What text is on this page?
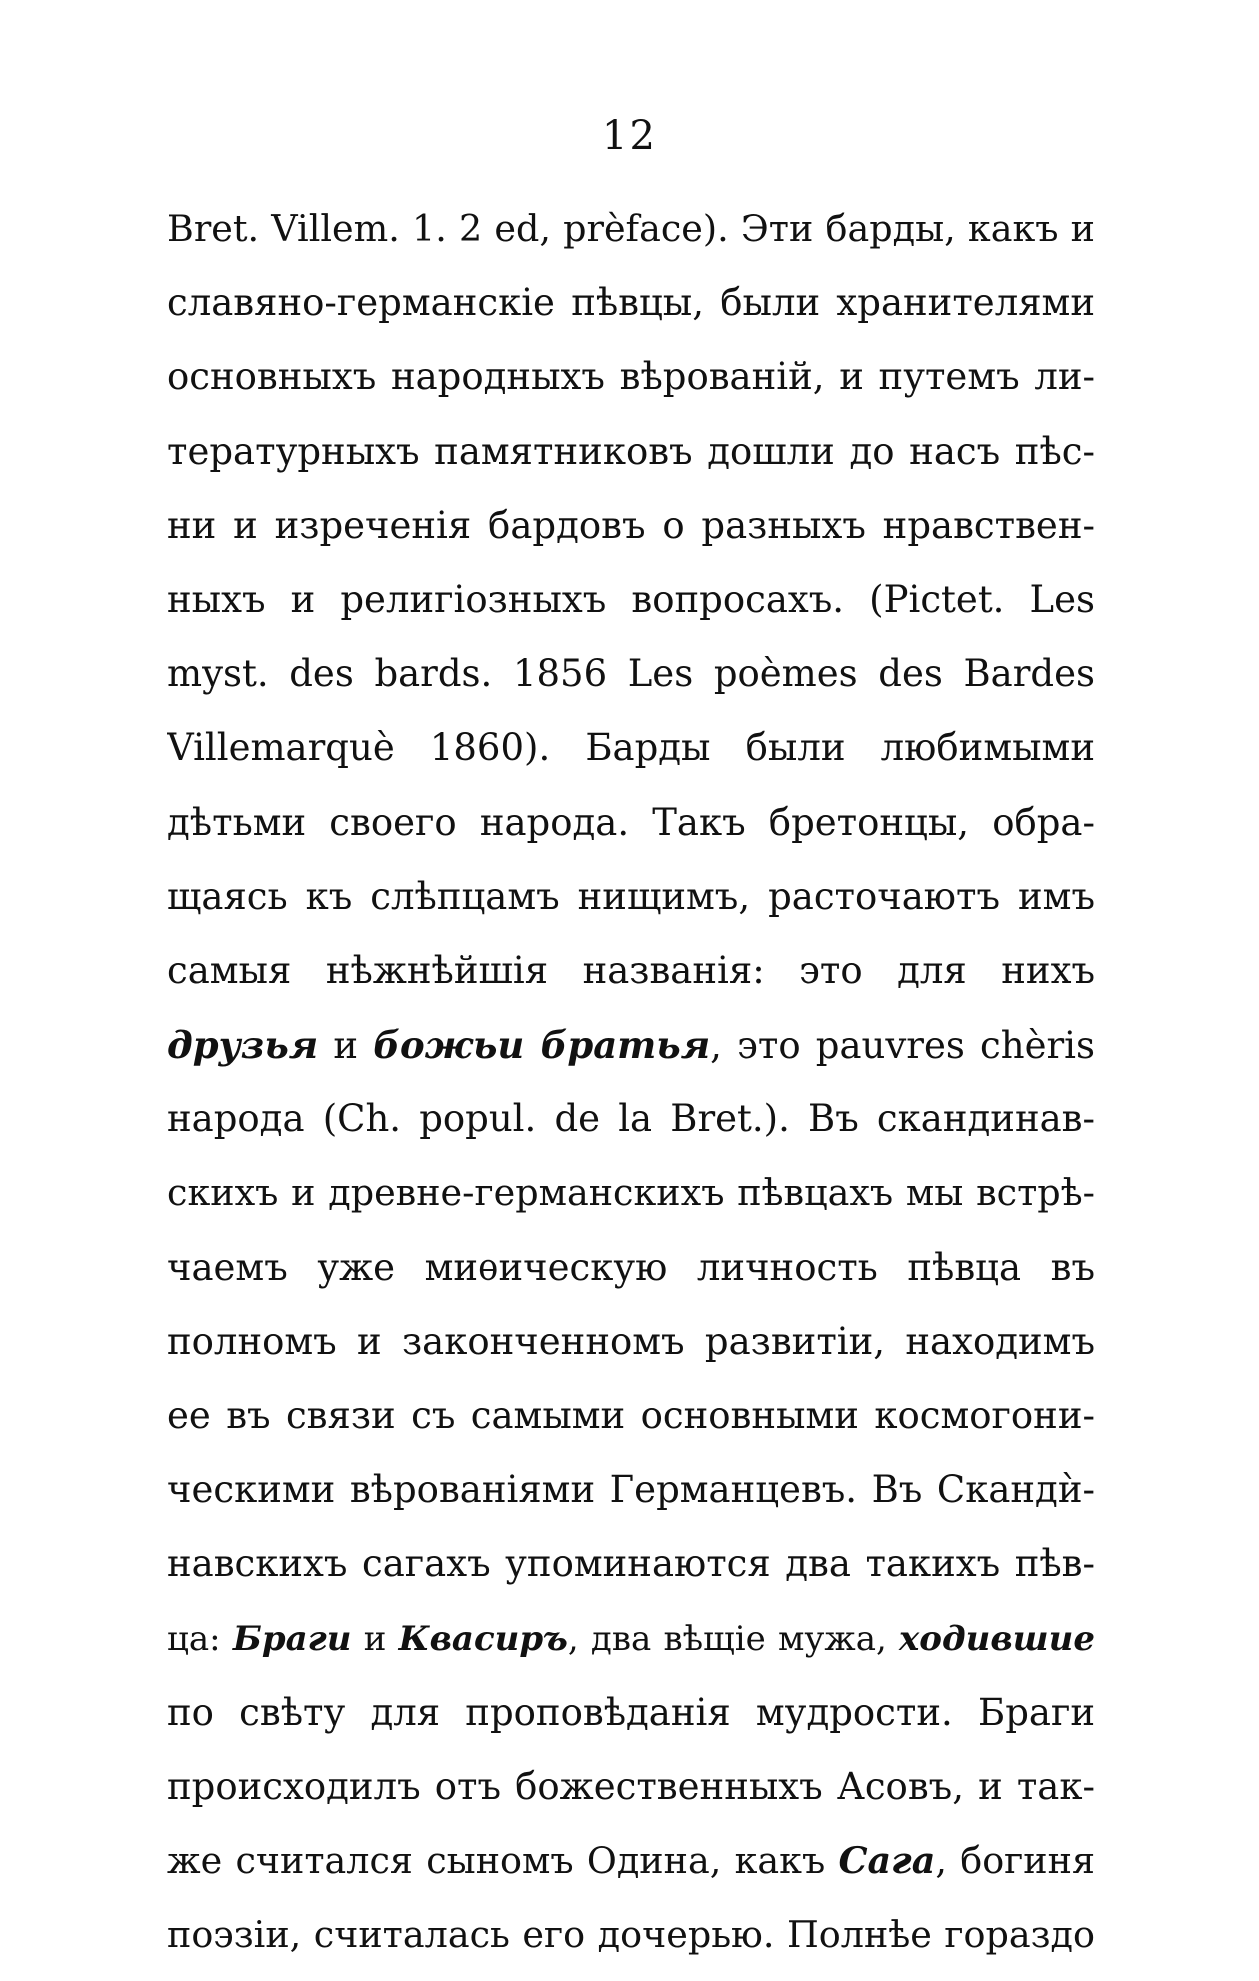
12
Bret. Villem. 1. 2 ed, prèface). Эти барды, какъ и
славяно-германскіе пѣвцы, были хранителями
основныхъ народныхъ вѣрованій, и путемъ ли-
тературныхъ памятниковъ дошли до насъ пѣс-
ни и изреченія бардовъ о разныхъ нравствен-
ныхъ и религіозныхъ вопросахъ. (Pictet. Les
myst. des bards. 1856 Les poèmes des Bardes
Villemarquè 1860). Барды были любимыми
дѣтьми своего народа. Такъ бретонцы, обра-
щаясь къ слѣпцамъ нищимъ, расточаютъ имъ
самыя нѣжнѣйшія названія: это для нихъ
друзья и божьи братья, это pauvres chèris
народа (Ch. popul. de la Bret.). Въ скандинав-
скихъ и древне-германскихъ пѣвцахъ мы встрѣ-
чаемъ уже миѳическую личность пѣвца въ
полномъ и законченномъ развитіи, находимъ
ее въ связи съ самыми основными космогони-
ческими вѣрованіями Германцевъ. Въ Скандѝ-
навскихъ сагахъ упоминаются два такихъ пѣв-
ца: Браги и Квасиръ, два вѣщіе мужа, ходившие
по свѣту для проповѣданія мудрости. Браги
происходилъ отъ божественныхъ Асовъ, и так-
же считался сыномъ Одина, какъ Сага, богиня
поэзіи, считалась его дочерью. Полнѣе гораздо
